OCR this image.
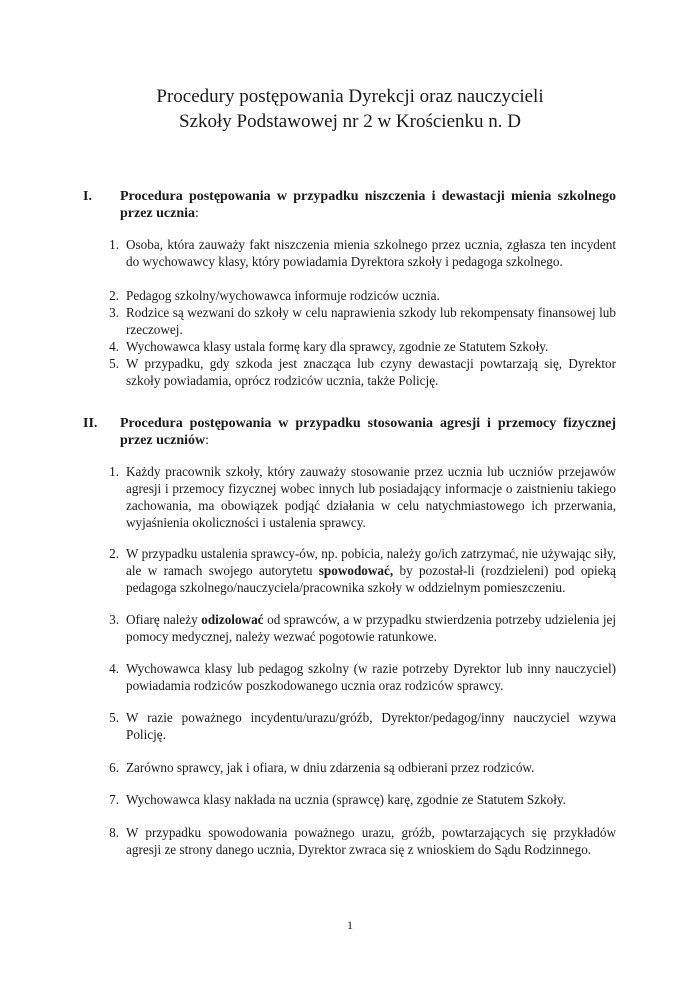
Procedury postępowania Dyrekcji oraz nauczycieli
Szkoły Podstawowej nr 2 w Krościenku n. D
I. Procedura postępowania w przypadku niszczenia i dewastacji mienia szkolnego przez ucznia:
1. Osoba, która zauważy fakt niszczenia mienia szkolnego przez ucznia, zgłasza ten incydent do wychowawcy klasy, który powiadamia Dyrektora szkoły i pedagoga szkolnego.
2. Pedagog szkolny/wychowawca informuje rodziców ucznia.
3. Rodzice są wezwani do szkoły w celu naprawienia szkody lub rekompensaty finansowej lub rzeczowej.
4. Wychowawca klasy ustala formę kary dla sprawcy, zgodnie ze Statutem Szkoły.
5. W przypadku, gdy szkoda jest znacząca lub czyny dewastacji powtarzają się, Dyrektor szkoły powiadamia, oprócz rodziców ucznia, także Policję.
II. Procedura postępowania w przypadku stosowania agresji i przemocy fizycznej przez uczniów:
1. Każdy pracownik szkoły, który zauważy stosowanie przez ucznia lub uczniów przejawów agresji i przemocy fizycznej wobec innych lub posiadający informacje o zaistnieniu takiego zachowania, ma obowiązek podjąć działania w celu natychmiastowego ich przerwania, wyjaśnienia okoliczności i ustalenia sprawcy.
2. W przypadku ustalenia sprawcy-ów, np. pobicia, należy go/ich zatrzymać, nie używając siły, ale w ramach swojego autorytetu spowodować, by pozostał-li (rozdzieleni) pod opieką pedagoga szkolnego/nauczyciela/pracownika szkoły w oddzielnym pomieszczeniu.
3. Ofiarę należy odizolować od sprawców, a w przypadku stwierdzenia potrzeby udzielenia jej pomocy medycznej, należy wezwać pogotowie ratunkowe.
4. Wychowawca klasy lub pedagog szkolny (w razie potrzeby Dyrektor lub inny nauczyciel) powiadamia rodziców poszkodowanego ucznia oraz rodziców sprawcy.
5. W razie poważnego incydentu/urazu/gróźb, Dyrektor/pedagog/inny nauczyciel wzywa Policję.
6. Zarówno sprawcy, jak i ofiara, w dniu zdarzenia są odbierani przez rodziców.
7. Wychowawca klasy nakłada na ucznia (sprawcę) karę, zgodnie ze Statutem Szkoły.
8. W przypadku spowodowania poważnego urazu, gróźb, powtarzających się przykładów agresji ze strony danego ucznia, Dyrektor zwraca się z wnioskiem do Sądu Rodzinnego.
1
